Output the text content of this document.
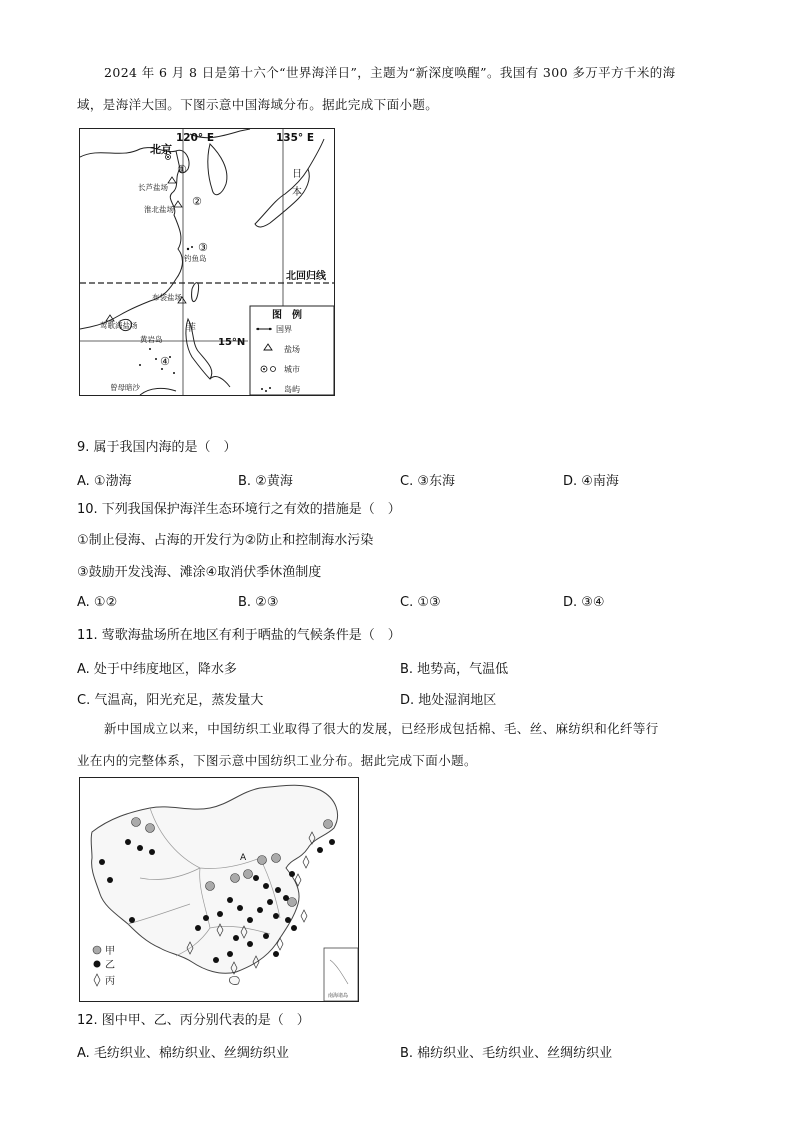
2024 年 6 月 8 日是第十六个“世界海洋日”，主题为“新深度唤醒”。我国有 300 多万平方千米的海
域，是海洋大国。下图示意中国海域分布。据此完成下面小题。
120° E	135° E
北京
长芦盐场
淮北盐场
钓鱼岛
布袋盐场
莺歌海盐场
黄岩岛
曾母暗沙
日
本
菲
15°N
北回归线
①
②
③
④
图　例
国界
盐场
城市
岛屿
9. 属于我国内海的是（　）
A. ①渤海	B. ②黄海	C. ③东海	D. ④南海
10. 下列我国保护海洋生态环境行之有效的措施是（　）
①制止侵海、占海的开发行为②防止和控制海水污染
③鼓励开发浅海、滩涂④取消伏季休渔制度
A. ①②	B. ②③	C. ①③	D. ③④
11. 莺歌海盐场所在地区有利于晒盐的气候条件是（　）
A. 处于中纬度地区，降水多	B. 地势高，气温低
C. 气温高，阳光充足，蒸发量大	D. 地处湿润地区
新中国成立以来，中国纺织工业取得了很大的发展，已经形成包括棉、毛、丝、麻纺织和化纤等行
业在内的完整体系，下图示意中国纺织工业分布。据此完成下面小题。
甲
乙
丙
A
南海诸岛
12. 图中甲、乙、丙分别代表的是（　）
A. 毛纺织业、棉纺织业、丝绸纺织业	B. 棉纺织业、毛纺织业、丝绸纺织业
